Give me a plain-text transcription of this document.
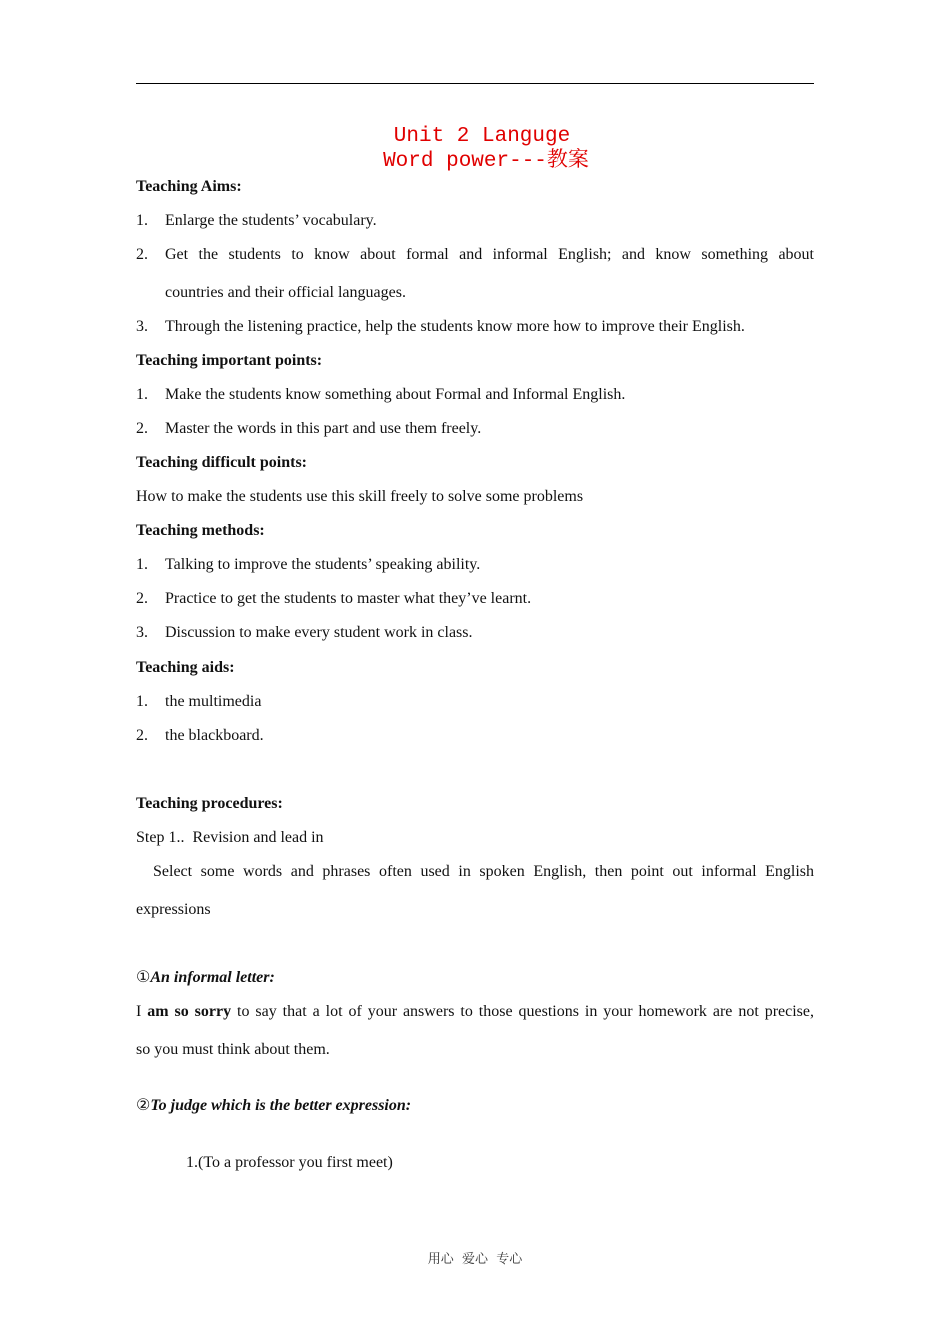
Unit 2 Languge
Word power---教案
Teaching Aims:
1. Enlarge the students’ vocabulary.
2. Get the students to know about formal and informal English; and know something about
countries and their official languages.
3. Through the listening practice, help the students know more how to improve their English.
Teaching important points:
1. Make the students know something about Formal and Informal English.
2. Master the words in this part and use them freely.
Teaching difficult points:
How to make the students use this skill freely to solve some problems
Teaching methods:
1. Talking to improve the students’ speaking ability.
2. Practice to get the students to master what they’ve learnt.
3. Discussion to make every student work in class.
Teaching aids:
1. the multimedia
2. the blackboard.
Teaching procedures:
Step 1..  Revision and lead in
Select some words and phrases often used in spoken English, then point out informal English
expressions
①An informal letter:
I am so sorry to say that a lot of your answers to those questions in your homework are not precise,
so you must think about them.
②To judge which is the better expression:
1.(To a professor you first meet)
用心  爱心  专心
